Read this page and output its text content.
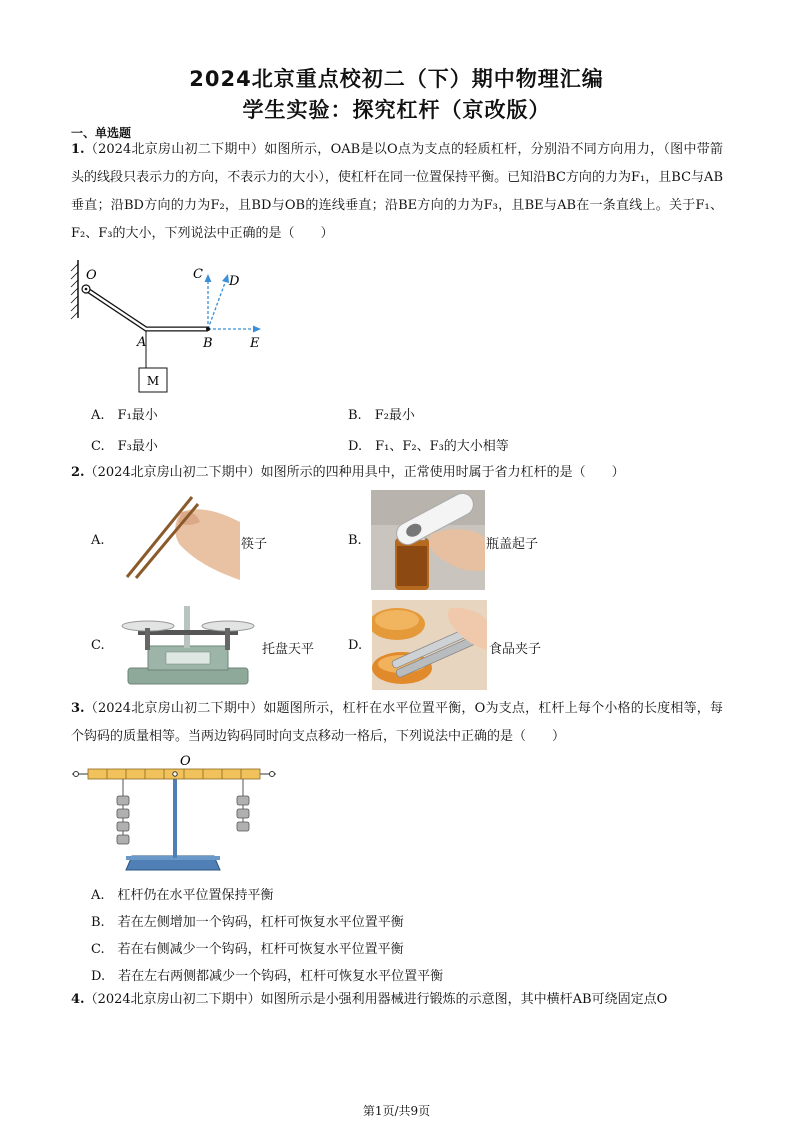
2024北京重点校初二（下）期中物理汇编
学生实验：探究杠杆（京改版）
一、单选题
1.（2024北京房山初二下期中）如图所示，OAB是以O点为支点的轻质杠杆，分别沿不同方向用力，（图中带箭头的线段只表示力的方向，不表示力的大小），使杠杆在同一位置保持平衡。已知沿BC方向的力为F₁，且BC与AB垂直；沿BD方向的力为F₂，且BD与OB的连线垂直；沿BE方向的力为F₃，且BE与AB在一条直线上。关于F₁、F₂、F₃的大小，下列说法中正确的是（　　）
M
O
A	B
C D
E
A.　 F₁最小	B.　 F₂最小
C.　 F₃最小	D.　 F₁、F₂、F₃的大小相等
2.（2024北京房山初二下期中）如图所示的四种用具中，正常使用时属于省力杠杆的是（　　）
A.	筷子	B.	瓶盖起子
C.	托盘天平	D.	食品夹子
3.（2024北京房山初二下期中）如题图所示，杠杆在水平位置平衡，O为支点，杠杆上每个小格的长度相等，每个钩码的质量相等。当两边钩码同时向支点移动一格后，下列说法中正确的是（　　）
O
A.　 杠杆仍在水平位置保持平衡
B.　 若在左侧增加一个钩码，杠杆可恢复水平位置平衡
C.　 若在右侧减少一个钩码，杠杆可恢复水平位置平衡
D.　 若在左右两侧都减少一个钩码，杠杆可恢复水平位置平衡
4.（2024北京房山初二下期中）如图所示是小强利用器械进行锻炼的示意图，其中横杆AB可绕固定点O
第1页/共9页
